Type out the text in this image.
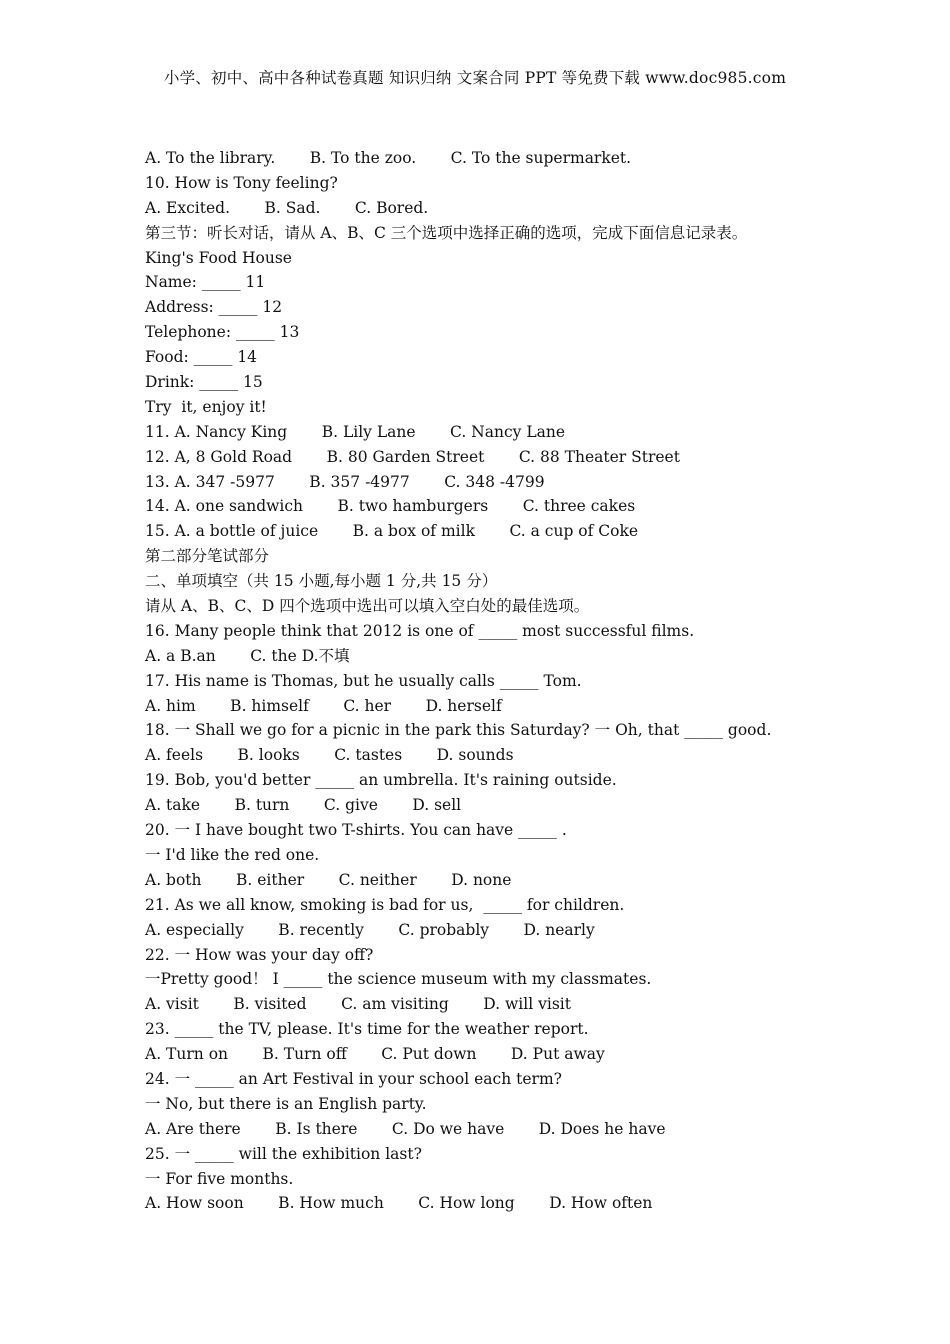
小学、初中、高中各种试卷真题 知识归纳 文案合同 PPT 等免费下载 www.doc985.com
A. To the library.       B. To the zoo.       C. To the supermarket.
10. How is Tony feeling?
A. Excited.       B. Sad.       C. Bored.
第三节：听长对话，请从 A、B、C 三个选项中选择正确的选项，完成下面信息记录表。
King's Food House
Name: _____ 11
Address: _____ 12
Telephone: _____ 13
Food: _____ 14
Drink: _____ 15
Try  it, enjoy it!
11. A. Nancy King       B. Lily Lane       C. Nancy Lane
12. A, 8 Gold Road       B. 80 Garden Street       C. 88 Theater Street
13. A. 347 -5977       B. 357 -4977       C. 348 -4799
14. A. one sandwich       B. two hamburgers       C. three cakes
15. A. a bottle of juice       B. a box of milk       C. a cup of Coke
第二部分笔试部分
二、单项填空（共 15 小题,每小题 1 分,共 15 分）
请从 A、B、C、D 四个选项中选出可以填入空白处的最佳选项。
16. Many people think that 2012 is one of _____ most successful films.
A. a B.an       C. the D.不填
17. His name is Thomas, but he usually calls _____ Tom.
A. him       B. himself       C. her       D. herself
18. 一 Shall we go for a picnic in the park this Saturday? 一 Oh, that _____ good.
A. feels       B. looks       C. tastes       D. sounds
19. Bob, you'd better _____ an umbrella. It's raining outside.
A. take       B. turn       C. give       D. sell
20. 一 I have bought two T-shirts. You can have _____ .
一 I'd like the red one.
A. both       B. either       C. neither       D. none
21. As we all know, smoking is bad for us,  _____ for children.
A. especially       B. recently       C. probably       D. nearly
22. 一 How was your day off?
一Pretty good！ I _____ the science museum with my classmates.
A. visit       B. visited       C. am visiting       D. will visit
23. _____ the TV, please. It's time for the weather report.
A. Turn on       B. Turn off       C. Put down       D. Put away
24. 一 _____ an Art Festival in your school each term?
一 No, but there is an English party.
A. Are there       B. Is there       C. Do we have       D. Does he have
25. 一 _____ will the exhibition last?
一 For five months.
A. How soon       B. How much       C. How long       D. How often
